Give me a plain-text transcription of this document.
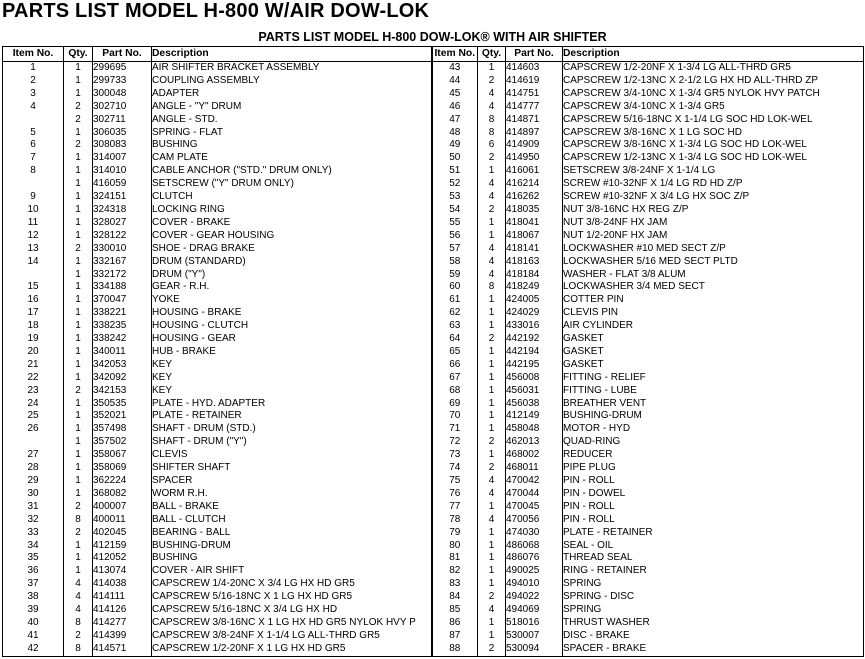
PARTS LIST MODEL H-800 W/AIR DOW-LOK
PARTS LIST MODEL H-800 DOW-LOK® WITH AIR SHIFTER
Item No.	Qty.	Part No.	Description	Item No.	Qty.	Part No.	Description
1	1	299695	AIR SHIFTER BRACKET ASSEMBLY	43	1	414603	CAPSCREW 1/2-20NF X 1-3/4 LG ALL-THRD GR5
2	1	299733	COUPLING ASSEMBLY	44	2	414619	CAPSCREW 1/2-13NC X 2-1/2 LG HX HD ALL-THRD ZP
3	1	300048	ADAPTER	45	4	414751	CAPSCREW 3/4-10NC X 1-3/4 GR5 NYLOK HVY PATCH
4	2	302710	ANGLE - "Y" DRUM	46	4	414777	CAPSCREW 3/4-10NC X 1-3/4 GR5
	2	302711	ANGLE - STD.	47	8	414871	CAPSCREW 5/16-18NC X 1-1/4 LG SOC HD LOK-WEL
5	1	306035	SPRING - FLAT	48	8	414897	CAPSCREW 3/8-16NC X 1 LG SOC HD
6	2	308083	BUSHING	49	6	414909	CAPSCREW 3/8-16NC X 1-3/4 LG SOC HD LOK-WEL
7	1	314007	CAM PLATE	50	2	414950	CAPSCREW 1/2-13NC X 1-3/4 LG SOC HD LOK-WEL
8	1	314010	CABLE ANCHOR ("STD." DRUM ONLY)	51	1	416061	SETSCREW 3/8-24NF X 1-1/4 LG
	1	416059	SETSCREW ("Y" DRUM ONLY)	52	4	416214	SCREW #10-32NF X 1/4 LG RD HD Z/P
9	1	324151	CLUTCH	53	4	416262	SCREW #10-32NF X 3/4 LG HX SOC Z/P
10	1	324318	LOCKING RING	54	2	418035	NUT 3/8-16NC HX REG Z/P
11	1	328027	COVER - BRAKE	55	1	418041	NUT 3/8-24NF HX JAM
12	1	328122	COVER - GEAR HOUSING	56	1	418067	NUT 1/2-20NF HX JAM
13	2	330010	SHOE - DRAG BRAKE	57	4	418141	LOCKWASHER #10 MED SECT Z/P
14	1	332167	DRUM (STANDARD)	58	4	418163	LOCKWASHER 5/16 MED SECT PLTD
	1	332172	DRUM ("Y")	59	4	418184	WASHER - FLAT 3/8 ALUM
15	1	334188	GEAR - R.H.	60	8	418249	LOCKWASHER 3/4 MED SECT
16	1	370047	YOKE	61	1	424005	COTTER PIN
17	1	338221	HOUSING - BRAKE	62	1	424029	CLEVIS PIN
18	1	338235	HOUSING - CLUTCH	63	1	433016	AIR CYLINDER
19	1	338242	HOUSING - GEAR	64	2	442192	GASKET
20	1	340011	HUB - BRAKE	65	1	442194	GASKET
21	1	342053	KEY	66	1	442195	GASKET
22	1	342092	KEY	67	1	456008	FITTING - RELIEF
23	2	342153	KEY	68	1	456031	FITTING - LUBE
24	1	350535	PLATE - HYD. ADAPTER	69	1	456038	BREATHER VENT
25	1	352021	PLATE - RETAINER	70	1	412149	BUSHING-DRUM
26	1	357498	SHAFT - DRUM (STD.)	71	1	458048	MOTOR - HYD
	1	357502	SHAFT - DRUM ("Y")	72	2	462013	QUAD-RING
27	1	358067	CLEVIS	73	1	468002	REDUCER
28	1	358069	SHIFTER SHAFT	74	2	468011	PIPE PLUG
29	1	362224	SPACER	75	4	470042	PIN - ROLL
30	1	368082	WORM R.H.	76	4	470044	PIN - DOWEL
31	2	400007	BALL - BRAKE	77	1	470045	PIN - ROLL
32	8	400011	BALL - CLUTCH	78	4	470056	PIN - ROLL
33	2	402045	BEARING - BALL	79	1	474030	PLATE - RETAINER
34	1	412159	BUSHING-DRUM	80	1	486068	SEAL - OIL
35	1	412052	BUSHING	81	1	486076	THREAD SEAL
36	1	413074	COVER - AIR SHIFT	82	1	490025	RING - RETAINER
37	4	414038	CAPSCREW 1/4-20NC X 3/4 LG HX HD GR5	83	1	494010	SPRING
38	4	414111	CAPSCREW 5/16-18NC X 1 LG HX HD GR5	84	2	494022	SPRING - DISC
39	4	414126	CAPSCREW 5/16-18NC X 3/4 LG HX HD	85	4	494069	SPRING
40	8	414277	CAPSCREW 3/8-16NC X 1 LG HX HD GR5 NYLOK HVY P	86	1	518016	THRUST WASHER
41	2	414399	CAPSCREW 3/8-24NF X 1-1/4 LG ALL-THRD GR5	87	1	530007	DISC - BRAKE
42	8	414571	CAPSCREW 1/2-20NF X 1 LG HX HD GR5	88	2	530094	SPACER - BRAKE
